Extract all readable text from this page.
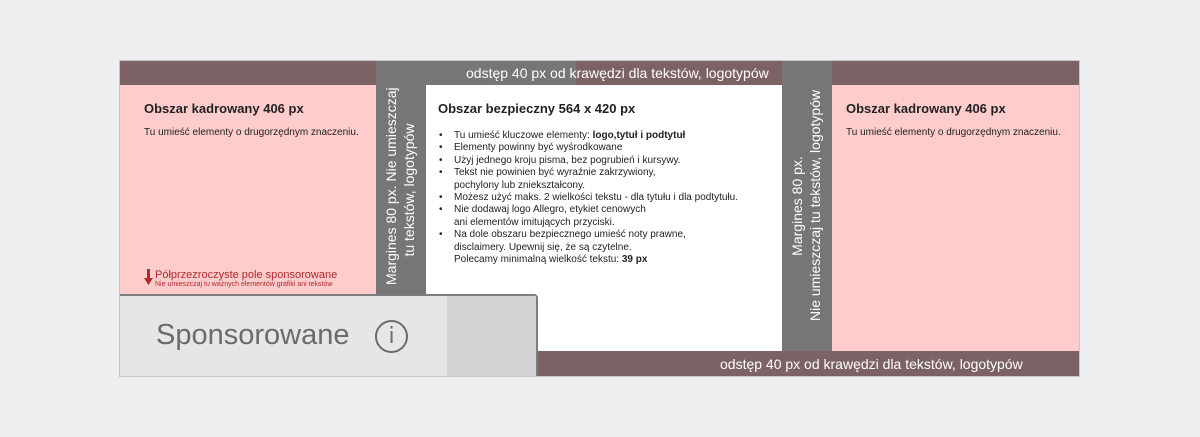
odstęp 40 px od krawędzi dla tekstów, logotypów
Obszar kadrowany 406 px
Tu umieść elementy o drugorzędnym znaczeniu.
Półprzezroczyste pole sponsorowane
Nie umieszczaj tu ważnych elementów grafiki ani tekstów	Margines 80 px. Nie umieszczaj tu tekstów, logotypów
Obszar bezpieczny 564 x 420 px
• Tu umieść kluczowe elementy: logo,tytuł i podtytuł
• Elementy powinny być wyśrodkowane
• Użyj jednego kroju pisma, bez pogrubień i kursywy.
• Tekst nie powinien być wyraźnie zakrzywiony,
pochylony lub zniekształcony.
• Możesz użyć maks. 2 wielkości tekstu - dla tytułu i dla podtytułu.
• Nie dodawaj logo Allegro, etykiet cenowych
ani elementów imitujących przyciski.
• Na dole obszaru bezpiecznego umieść noty prawne,
disclaimery. Upewnij się, że są czytelne.
Polecamy minimalną wielkość tekstu: 39 px
Margines 80 px. Nie umieszczaj tu tekstów, logotypów Obszar kadrowany 406 px
Tu umieść elementy o drugorzędnym znaczeniu.
odstęp 40 px od krawędzi dla tekstów, logotypów
Sponsorowane	i
